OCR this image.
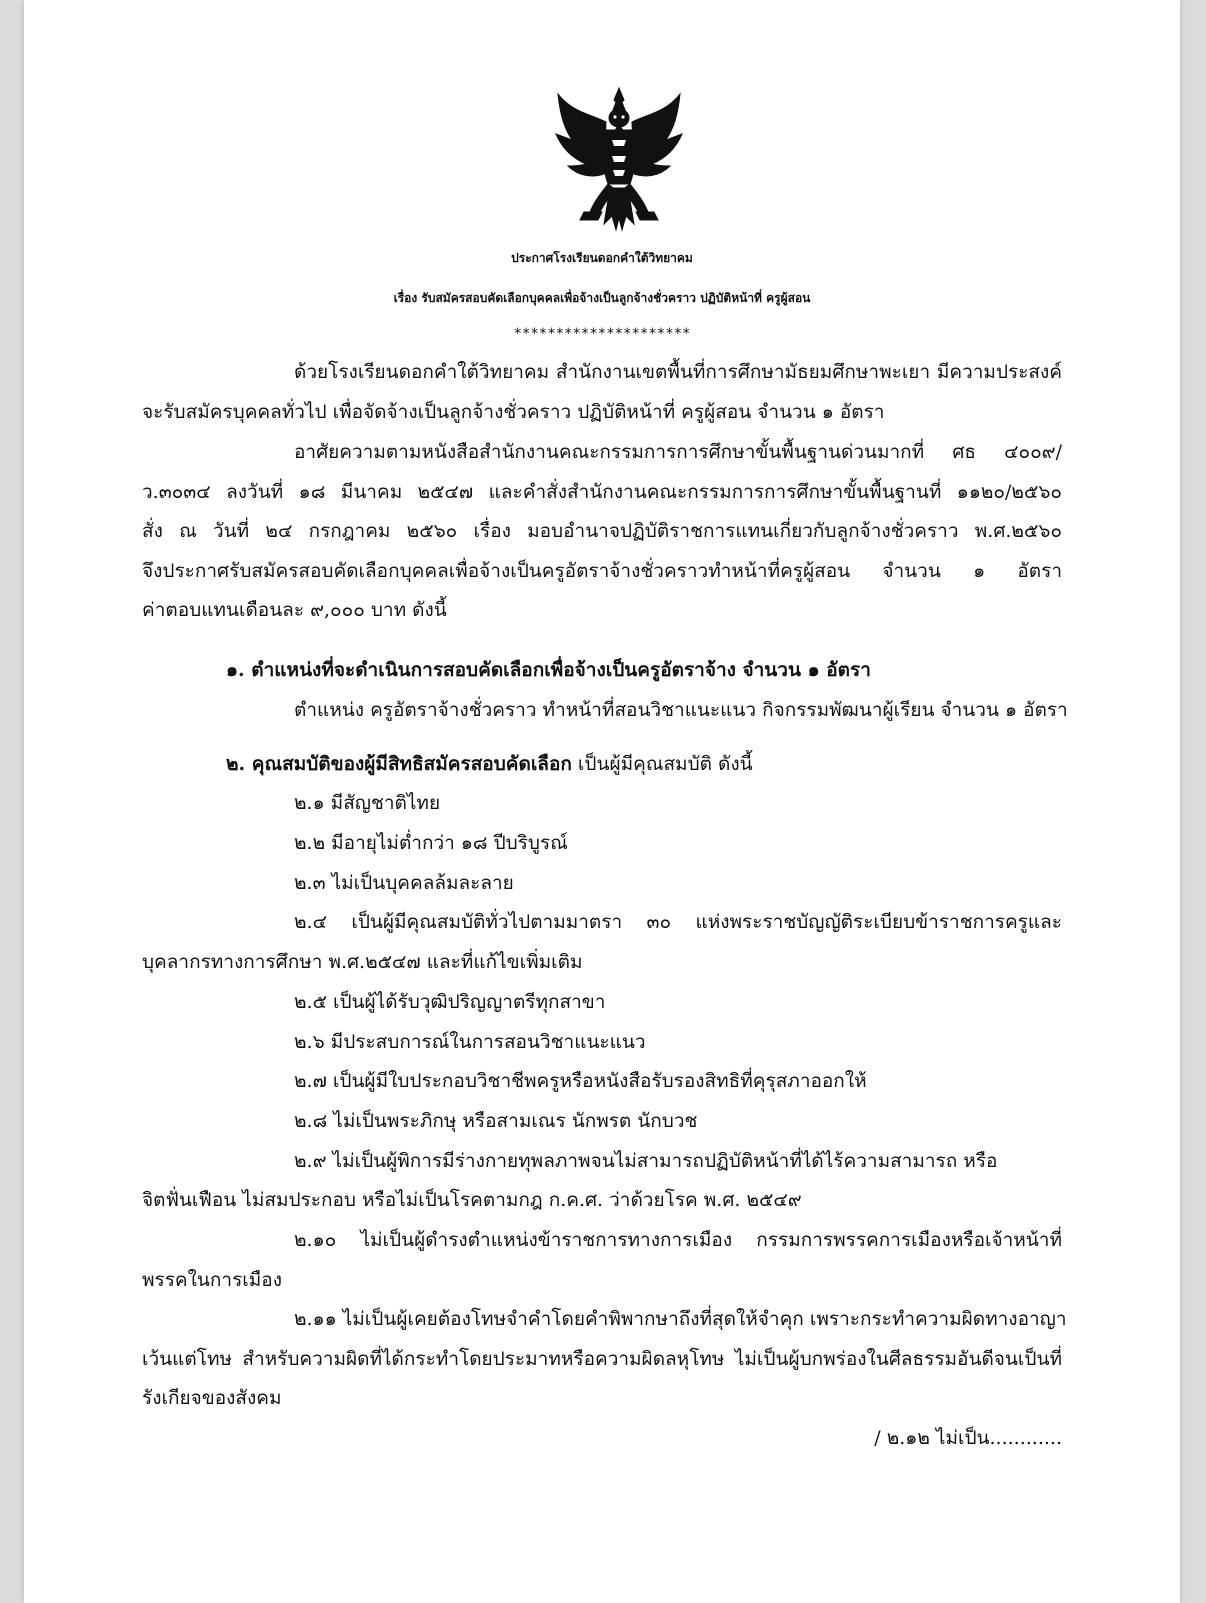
ประกาศโรงเรียนดอกคำใต้วิทยาคม
เรื่อง รับสมัครสอบคัดเลือกบุคคลเพื่อจ้างเป็นลูกจ้างชั่วคราว ปฏิบัติหน้าที่ ครูผู้สอน
*********************
ด้วยโรงเรียนดอกคำใต้วิทยาคม สำนักงานเขตพื้นที่การศึกษามัธยมศึกษาพะเยา มีความประสงค์
จะรับสมัครบุคคลทั่วไป เพื่อจัดจ้างเป็นลูกจ้างชั่วคราว ปฏิบัติหน้าที่ ครูผู้สอน จำนวน ๑ อัตรา
อาศัยความตามหนังสือสำนักงานคณะกรรมการการศึกษาขั้นพื้นฐานด่วนมากที่ ศธ ๔๐๐๙/
ว.๓๐๓๔ ลงวันที่ ๑๘ มีนาคม ๒๕๔๗ และคำสั่งสำนักงานคณะกรรมการการศึกษาขั้นพื้นฐานที่ ๑๑๒๐/๒๕๖๐
สั่ง ณ วันที่ ๒๔ กรกฎาคม ๒๕๖๐ เรื่อง มอบอำนาจปฏิบัติราชการแทนเกี่ยวกับลูกจ้างชั่วคราว พ.ศ.๒๕๖๐
จึงประกาศรับสมัครสอบคัดเลือกบุคคลเพื่อจ้างเป็นครูอัตราจ้างชั่วคราวทำหน้าที่ครูผู้สอน จำนวน ๑ อัตรา
ค่าตอบแทนเดือนละ ๙,๐๐๐ บาท ดังนี้
๑. ตำแหน่งที่จะดำเนินการสอบคัดเลือกเพื่อจ้างเป็นครูอัตราจ้าง จำนวน ๑ อัตรา
ตำแหน่ง ครูอัตราจ้างชั่วคราว ทำหน้าที่สอนวิชาแนะแนว กิจกรรมพัฒนาผู้เรียน จำนวน ๑ อัตรา
๒. คุณสมบัติของผู้มีสิทธิสมัครสอบคัดเลือก เป็นผู้มีคุณสมบัติ ดังนี้
๒.๑ มีสัญชาติไทย
๒.๒ มีอายุไม่ต่ำกว่า ๑๘ ปีบริบูรณ์
๒.๓ ไม่เป็นบุคคลล้มละลาย
๒.๔ เป็นผู้มีคุณสมบัติทั่วไปตามมาตรา ๓๐ แห่งพระราชบัญญัติระเบียบข้าราชการครูและ
บุคลากรทางการศึกษา พ.ศ.๒๕๔๗ และที่แก้ไขเพิ่มเติม
๒.๕ เป็นผู้ได้รับวุฒิปริญญาตรีทุกสาขา
๒.๖ มีประสบการณ์ในการสอนวิชาแนะแนว
๒.๗ เป็นผู้มีใบประกอบวิชาชีพครูหรือหนังสือรับรองสิทธิที่คุรุสภาออกให้
๒.๘ ไม่เป็นพระภิกษุ หรือสามเณร นักพรต นักบวช
๒.๙ ไม่เป็นผู้พิการมีร่างกายทุพลภาพจนไม่สามารถปฏิบัติหน้าที่ได้ไร้ความสามารถ หรือ
จิตฟั่นเฟือน ไม่สมประกอบ หรือไม่เป็นโรคตามกฎ ก.ค.ศ. ว่าด้วยโรค พ.ศ. ๒๕๔๙
๒.๑๐ ไม่เป็นผู้ดำรงตำแหน่งข้าราชการทางการเมือง กรรมการพรรคการเมืองหรือเจ้าหน้าที่
พรรคในการเมือง
๒.๑๑ ไม่เป็นผู้เคยต้องโทษจำคำโดยคำพิพากษาถึงที่สุดให้จำคุก เพราะกระทำความผิดทางอาญา
เว้นแต่โทษ สำหรับความผิดที่ได้กระทำโดยประมาทหรือความผิดลหุโทษ ไม่เป็นผู้บกพร่องในศีลธรรมอันดีจนเป็นที่
รังเกียจของสังคม
/ ๒.๑๒ ไม่เป็น............
